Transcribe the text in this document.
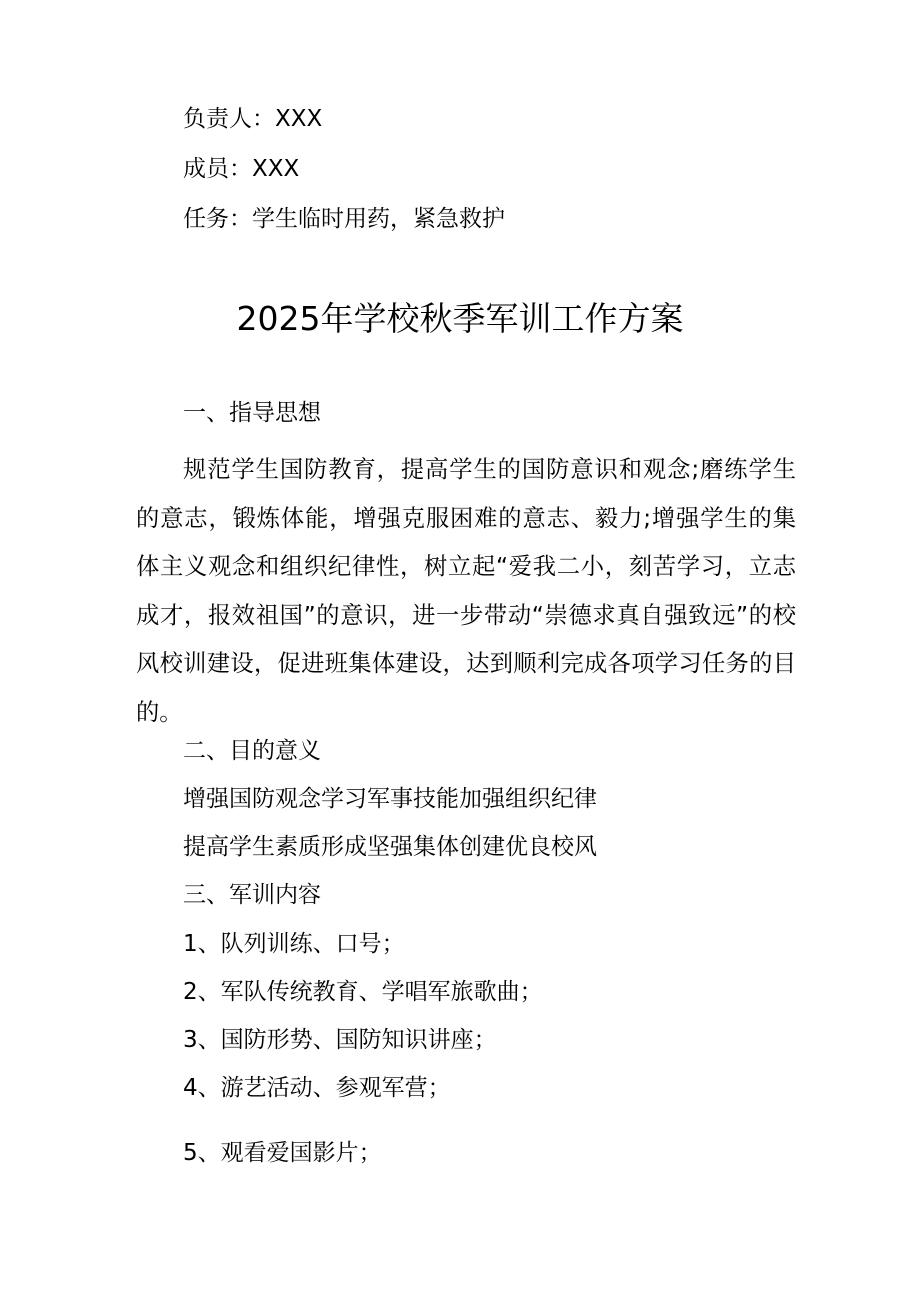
负责人：XXX
成员：XXX
任务：学生临时用药，紧急救护
2025年学校秋季军训工作方案
一、指导思想
规范学生国防教育，提高学生的国防意识和观念;磨练学生的意志，锻炼体能，增强克服困难的意志、毅力;增强学生的集体主义观念和组织纪律性，树立起“爱我二小，刻苦学习，立志成才，报效祖国”的意识，进一步带动“崇德求真自强致远”的校风校训建设，促进班集体建设，达到顺利完成各项学习任务的目的。
二、目的意义
增强国防观念学习军事技能加强组织纪律
提高学生素质形成坚强集体创建优良校风
三、军训内容
1、队列训练、口号；
2、军队传统教育、学唱军旅歌曲；
3、国防形势、国防知识讲座；
4、游艺活动、参观军营；
5、观看爱国影片；
